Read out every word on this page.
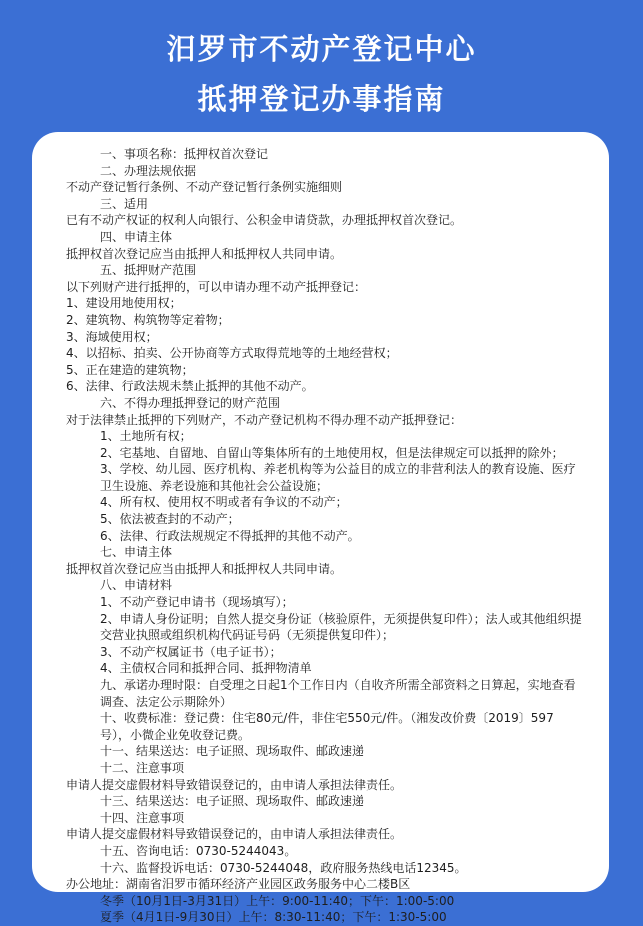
汨罗市不动产登记中心
抵押登记办事指南

一、事项名称：抵押权首次登记

二、办理法规依据

不动产登记暂行条例、不动产登记暂行条例实施细则

三、适用

已有不动产权证的权利人向银行、公积金申请贷款，办理抵押权首次登记。

四、申请主体

抵押权首次登记应当由抵押人和抵押权人共同申请。

五、抵押财产范围

以下列财产进行抵押的，可以申请办理不动产抵押登记：

1、建设用地使用权；

2、建筑物、构筑物等定着物；

3、海域使用权；

4、以招标、拍卖、公开协商等方式取得荒地等的土地经营权；

5、正在建造的建筑物；

6、法律、行政法规未禁止抵押的其他不动产。

六、不得办理抵押登记的财产范围

对于法律禁止抵押的下列财产，不动产登记机构不得办理不动产抵押登记：

1、土地所有权；

2、宅基地、自留地、自留山等集体所有的土地使用权，但是法律规定可以抵押的除外；

3、学校、幼儿园、医疗机构、养老机构等为公益目的成立的非营利法人的教育设施、医疗卫生设施、养老设施和其他社会公益设施；

4、所有权、使用权不明或者有争议的不动产；

5、依法被查封的不动产；

6、法律、行政法规规定不得抵押的其他不动产。

七、申请主体

抵押权首次登记应当由抵押人和抵押权人共同申请。

八、申请材料

1、不动产登记申请书（现场填写）；

2、申请人身份证明；自然人提交身份证（核验原件，无须提供复印件）；法人或其他组织提交营业执照或组织机构代码证号码（无须提供复印件）；

3、不动产权属证书（电子证书）；

4、主债权合同和抵押合同、抵押物清单

九、承诺办理时限：自受理之日起1个工作日内（自收齐所需全部资料之日算起，实地查看调查、法定公示期除外）

十、收费标准：登记费：住宅80元/件，非住宅550元/件。（湘发改价费〔2019〕597号），小微企业免收登记费。

十一、结果送达：电子证照、现场取件、邮政速递

十二、注意事项

申请人提交虚假材料导致错误登记的，由申请人承担法律责任。

十三、结果送达：电子证照、现场取件、邮政速递

十四、注意事项

申请人提交虚假材料导致错误登记的，由申请人承担法律责任。

十五、咨询电话：0730-5244043。

十六、监督投诉电话：0730-5244048，政府服务热线电话12345。

办公地址：湖南省汨罗市循环经济产业园区政务服务中心二楼B区

冬季（10月1日-3月31日）上午：9:00-11:40；下午：1:00-5:00

夏季（4月1日-9月30日）上午：8:30-11:40；下午：1:30-5:00
